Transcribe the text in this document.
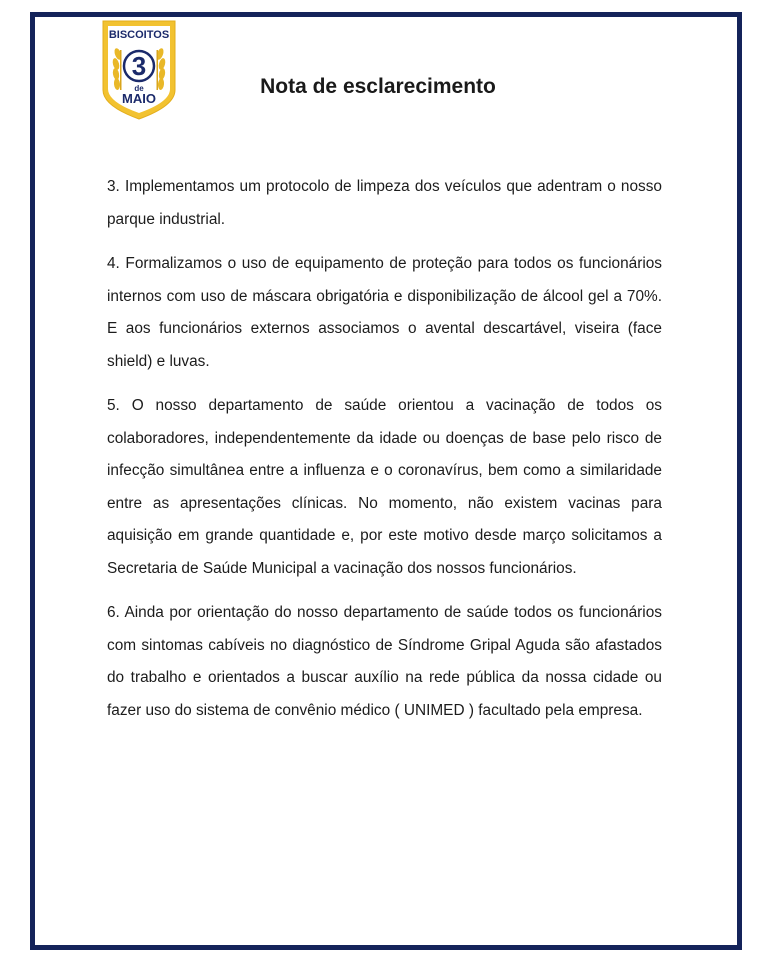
3
BISCOITOS
de
MAIO
Nota de esclarecimento

3. Implementamos um protocolo de limpeza dos veículos que adentram o nosso parque industrial.

4. Formalizamos o uso de equipamento de proteção para todos os funcionários internos com uso de máscara obrigatória e disponibilização de álcool gel a 70%. E aos funcionários externos associamos o avental descartável, viseira (face shield) e luvas.

5. O nosso departamento de saúde orientou a vacinação de todos os colaboradores, independentemente da idade ou doenças de base pelo risco de infecção simultânea entre a influenza e o coronavírus, bem como a similaridade entre as apresentações clínicas. No momento, não existem vacinas para aquisição em grande quantidade e, por este motivo desde março solicitamos a Secretaria de Saúde Municipal a vacinação dos nossos funcionários.

6. Ainda por orientação do nosso departamento de saúde todos os funcionários com sintomas cabíveis no diagnóstico de Síndrome Gripal Aguda são afastados do trabalho e orientados a buscar auxílio na rede pública da nossa cidade ou fazer uso do sistema de convênio médico ( UNIMED ) facultado pela empresa.
